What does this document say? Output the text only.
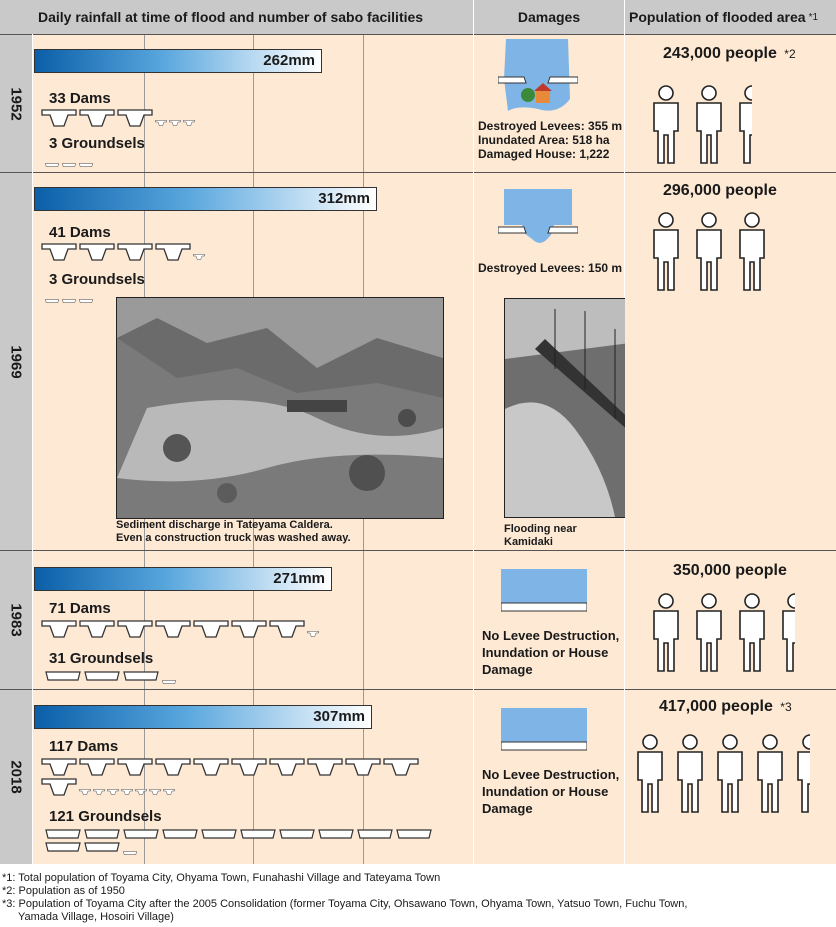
Daily rainfall at time of flood and number of sabo facilities	Damages	Population of flooded area *1
1952
262mm
33 Dams
3 Groundsels
Destroyed Levees: 355 m
Inundated Area: 518 ha
Damaged House: 1,222
243,000 people *2
1969
312mm
41 Dams
3 Groundsels
Sediment discharge in Tateyama Caldera.
Even a construction truck was washed away.
Destroyed Levees: 150 m
Flooding near Kamidaki
296,000 people
1983
271mm
71 Dams
31 Groundsels
No Levee Destruction,
Inundation or House
Damage
350,000 people
2018
307mm
117 Dams
121 Groundsels
No Levee Destruction,
Inundation or House
Damage
417,000 people *3
*1: Total population of Toyama City, Ohyama Town, Funahashi Village and Tateyama Town
*2: Population as of 1950
*3: Population of Toyama City after the 2005 Consolidation (former Toyama City, Ohsawano Town, Ohyama Town, Yatsuo Town, Fuchu Town,
Yamada Village, Hosoiri Village)
